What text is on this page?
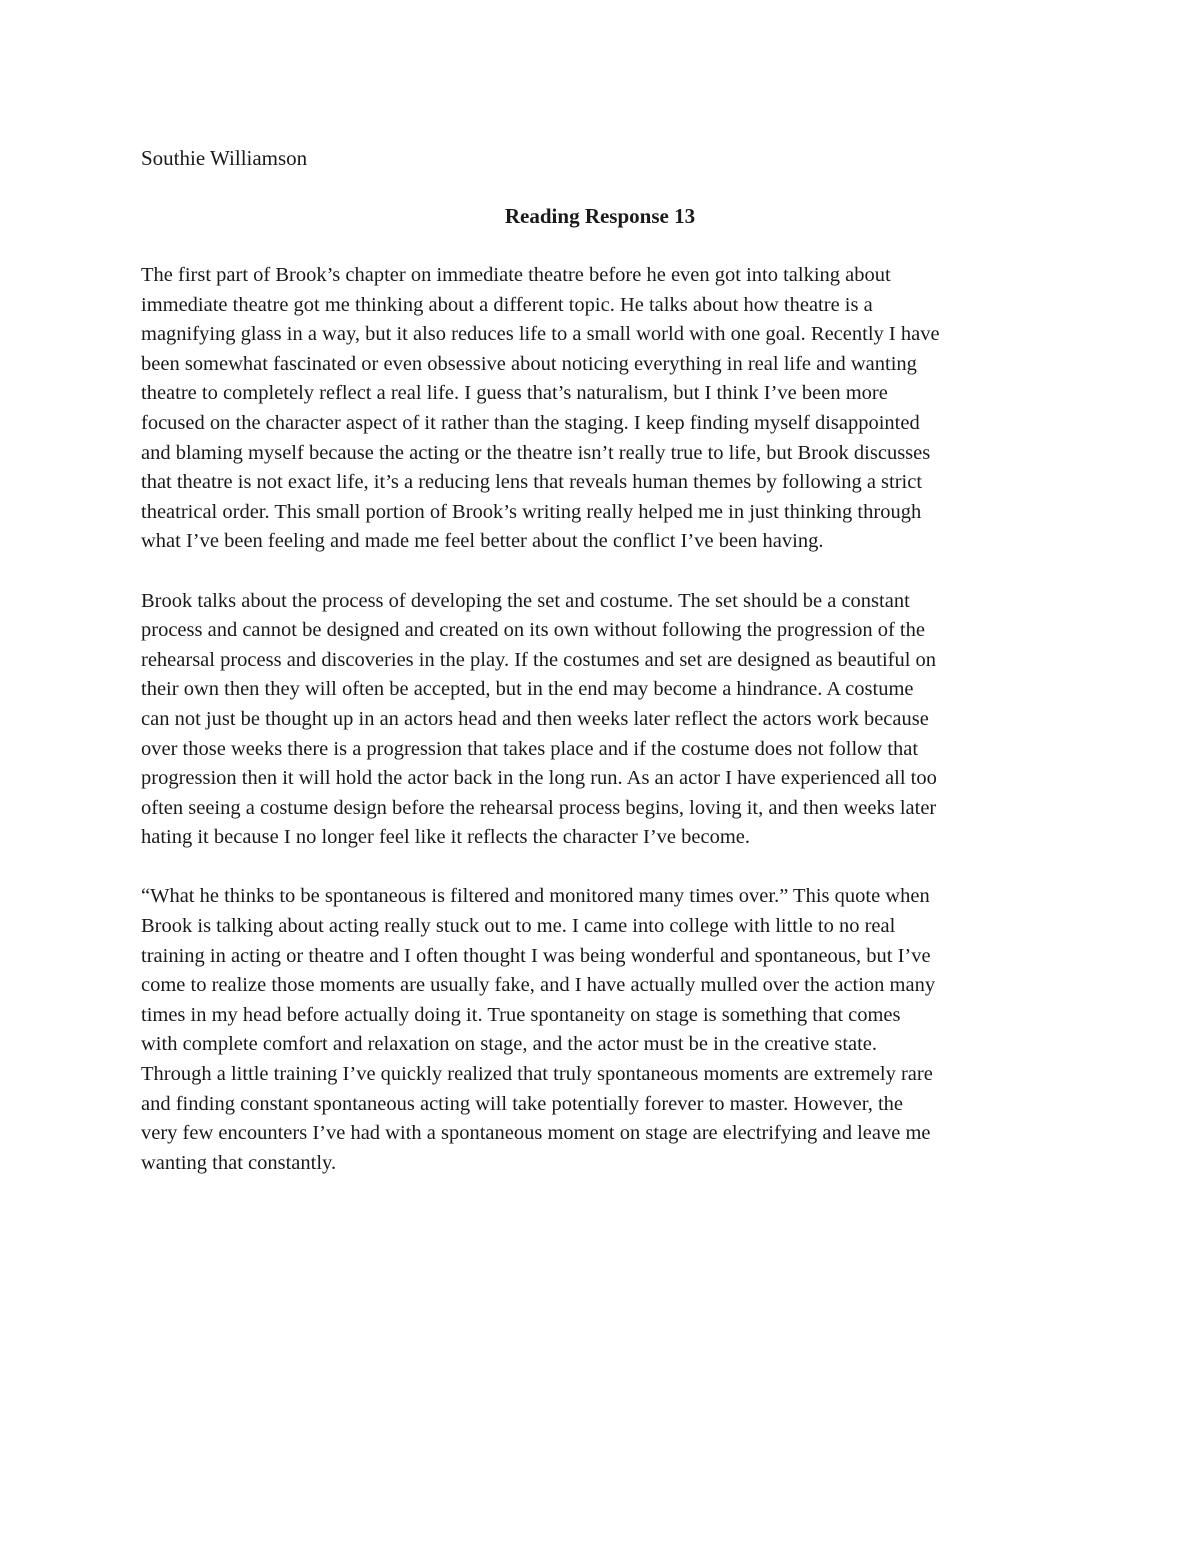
Southie Williamson

Reading Response 13

The first part of Brook’s chapter on immediate theatre before he even got into talking about
immediate theatre got me thinking about a different topic. He talks about how theatre is a
magnifying glass in a way, but it also reduces life to a small world with one goal. Recently I have
been somewhat fascinated or even obsessive about noticing everything in real life and wanting
theatre to completely reflect a real life. I guess that’s naturalism, but I think I’ve been more
focused on the character aspect of it rather than the staging. I keep finding myself disappointed
and blaming myself because the acting or the theatre isn’t really true to life, but Brook discusses
that theatre is not exact life, it’s a reducing lens that reveals human themes by following a strict
theatrical order. This small portion of Brook’s writing really helped me in just thinking through
what I’ve been feeling and made me feel better about the conflict I’ve been having.

Brook talks about the process of developing the set and costume. The set should be a constant
process and cannot be designed and created on its own without following the progression of the
rehearsal process and discoveries in the play. If the costumes and set are designed as beautiful on
their own then they will often be accepted, but in the end may become a hindrance. A costume
can not just be thought up in an actors head and then weeks later reflect the actors work because
over those weeks there is a progression that takes place and if the costume does not follow that
progression then it will hold the actor back in the long run. As an actor I have experienced all too
often seeing a costume design before the rehearsal process begins, loving it, and then weeks later
hating it because I no longer feel like it reflects the character I’ve become.

“What he thinks to be spontaneous is filtered and monitored many times over.” This quote when
Brook is talking about acting really stuck out to me. I came into college with little to no real
training in acting or theatre and I often thought I was being wonderful and spontaneous, but I’ve
come to realize those moments are usually fake, and I have actually mulled over the action many
times in my head before actually doing it. True spontaneity on stage is something that comes
with complete comfort and relaxation on stage, and the actor must be in the creative state.
Through a little training I’ve quickly realized that truly spontaneous moments are extremely rare
and finding constant spontaneous acting will take potentially forever to master. However, the
very few encounters I’ve had with a spontaneous moment on stage are electrifying and leave me
wanting that constantly.
